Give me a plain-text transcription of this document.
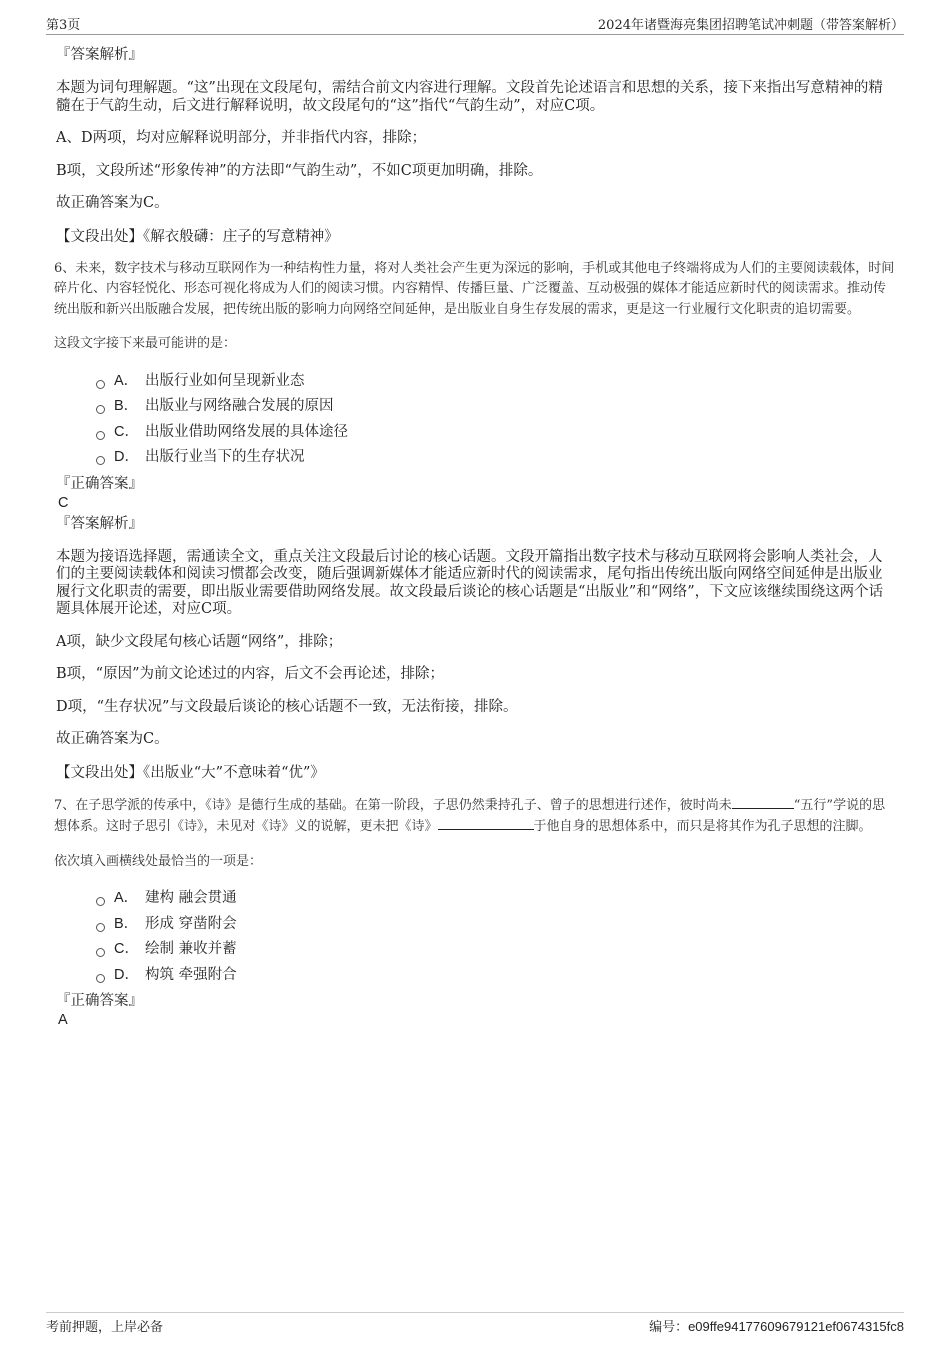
第3页	2024年诸暨海亮集团招聘笔试冲刺题（带答案解析）

『答案解析』

本题为词句理解题。“这”出现在文段尾句，需结合前文内容进行理解。文段首先论述语言和思想的关系，接下来指出写意精神的精髓在于气韵生动，后文进行解释说明，故文段尾句的“这”指代“气韵生动”，对应C项。

A、D两项，均对应解释说明部分，并非指代内容，排除；

B项，文段所述“形象传神”的方法即“气韵生动”，不如C项更加明确，排除。

故正确答案为C。

【文段出处】《解衣般礴：庄子的写意精神》

6、未来，数字技术与移动互联网作为一种结构性力量，将对人类社会产生更为深远的影响，手机或其他电子终端将成为人们的主要阅读载体，时间碎片化、内容轻悦化、形态可视化将成为人们的阅读习惯。内容精悍、传播巨量、广泛覆盖、互动极强的媒体才能适应新时代的阅读需求。推动传统出版和新兴出版融合发展，把传统出版的影响力向网络空间延伸，是出版业自身生存发展的需求，更是这一行业履行文化职责的追切需要。

这段文字接下来最可能讲的是：

A． 出版行业如何呈现新业态
B． 出版业与网络融合发展的原因
C． 出版业借助网络发展的具体途径
D． 出版行业当下的生存状况

『正确答案』

C

『答案解析』

本题为接语选择题，需通读全文，重点关注文段最后讨论的核心话题。文段开篇指出数字技术与移动互联网将会影响人类社会，人们的主要阅读载体和阅读习惯都会改变，随后强调新媒体才能适应新时代的阅读需求，尾句指出传统出版向网络空间延伸是出版业履行文化职责的需要，即出版业需要借助网络发展。故文段最后谈论的核心话题是“出版业”和“网络”，下文应该继续围绕这两个话题具体展开论述，对应C项。

A项，缺少文段尾句核心话题“网络”，排除；

B项，“原因”为前文论述过的内容，后文不会再论述，排除；

D项，“生存状况”与文段最后谈论的核心话题不一致，无法衔接，排除。

故正确答案为C。

【文段出处】《出版业“大”不意味着“优”》

7、在子思学派的传承中，《诗》是德行生成的基础。在第一阶段，子思仍然秉持孔子、曾子的思想进行述作，彼时尚未	“五行”学说的思想体系。这时子思引《诗》，未见对《诗》义的说解，更未把《诗》	于他自身的思想体系中，而只是将其作为孔子思想的注脚。

依次填入画横线处最恰当的一项是：

A． 建构 融会贯通
B． 形成 穿凿附会
C． 绘制 兼收并蓄
D． 构筑 牵强附合

『正确答案』

A

考前押题，上岸必备	编号：e09ffe94177609679121ef0674315fc8
